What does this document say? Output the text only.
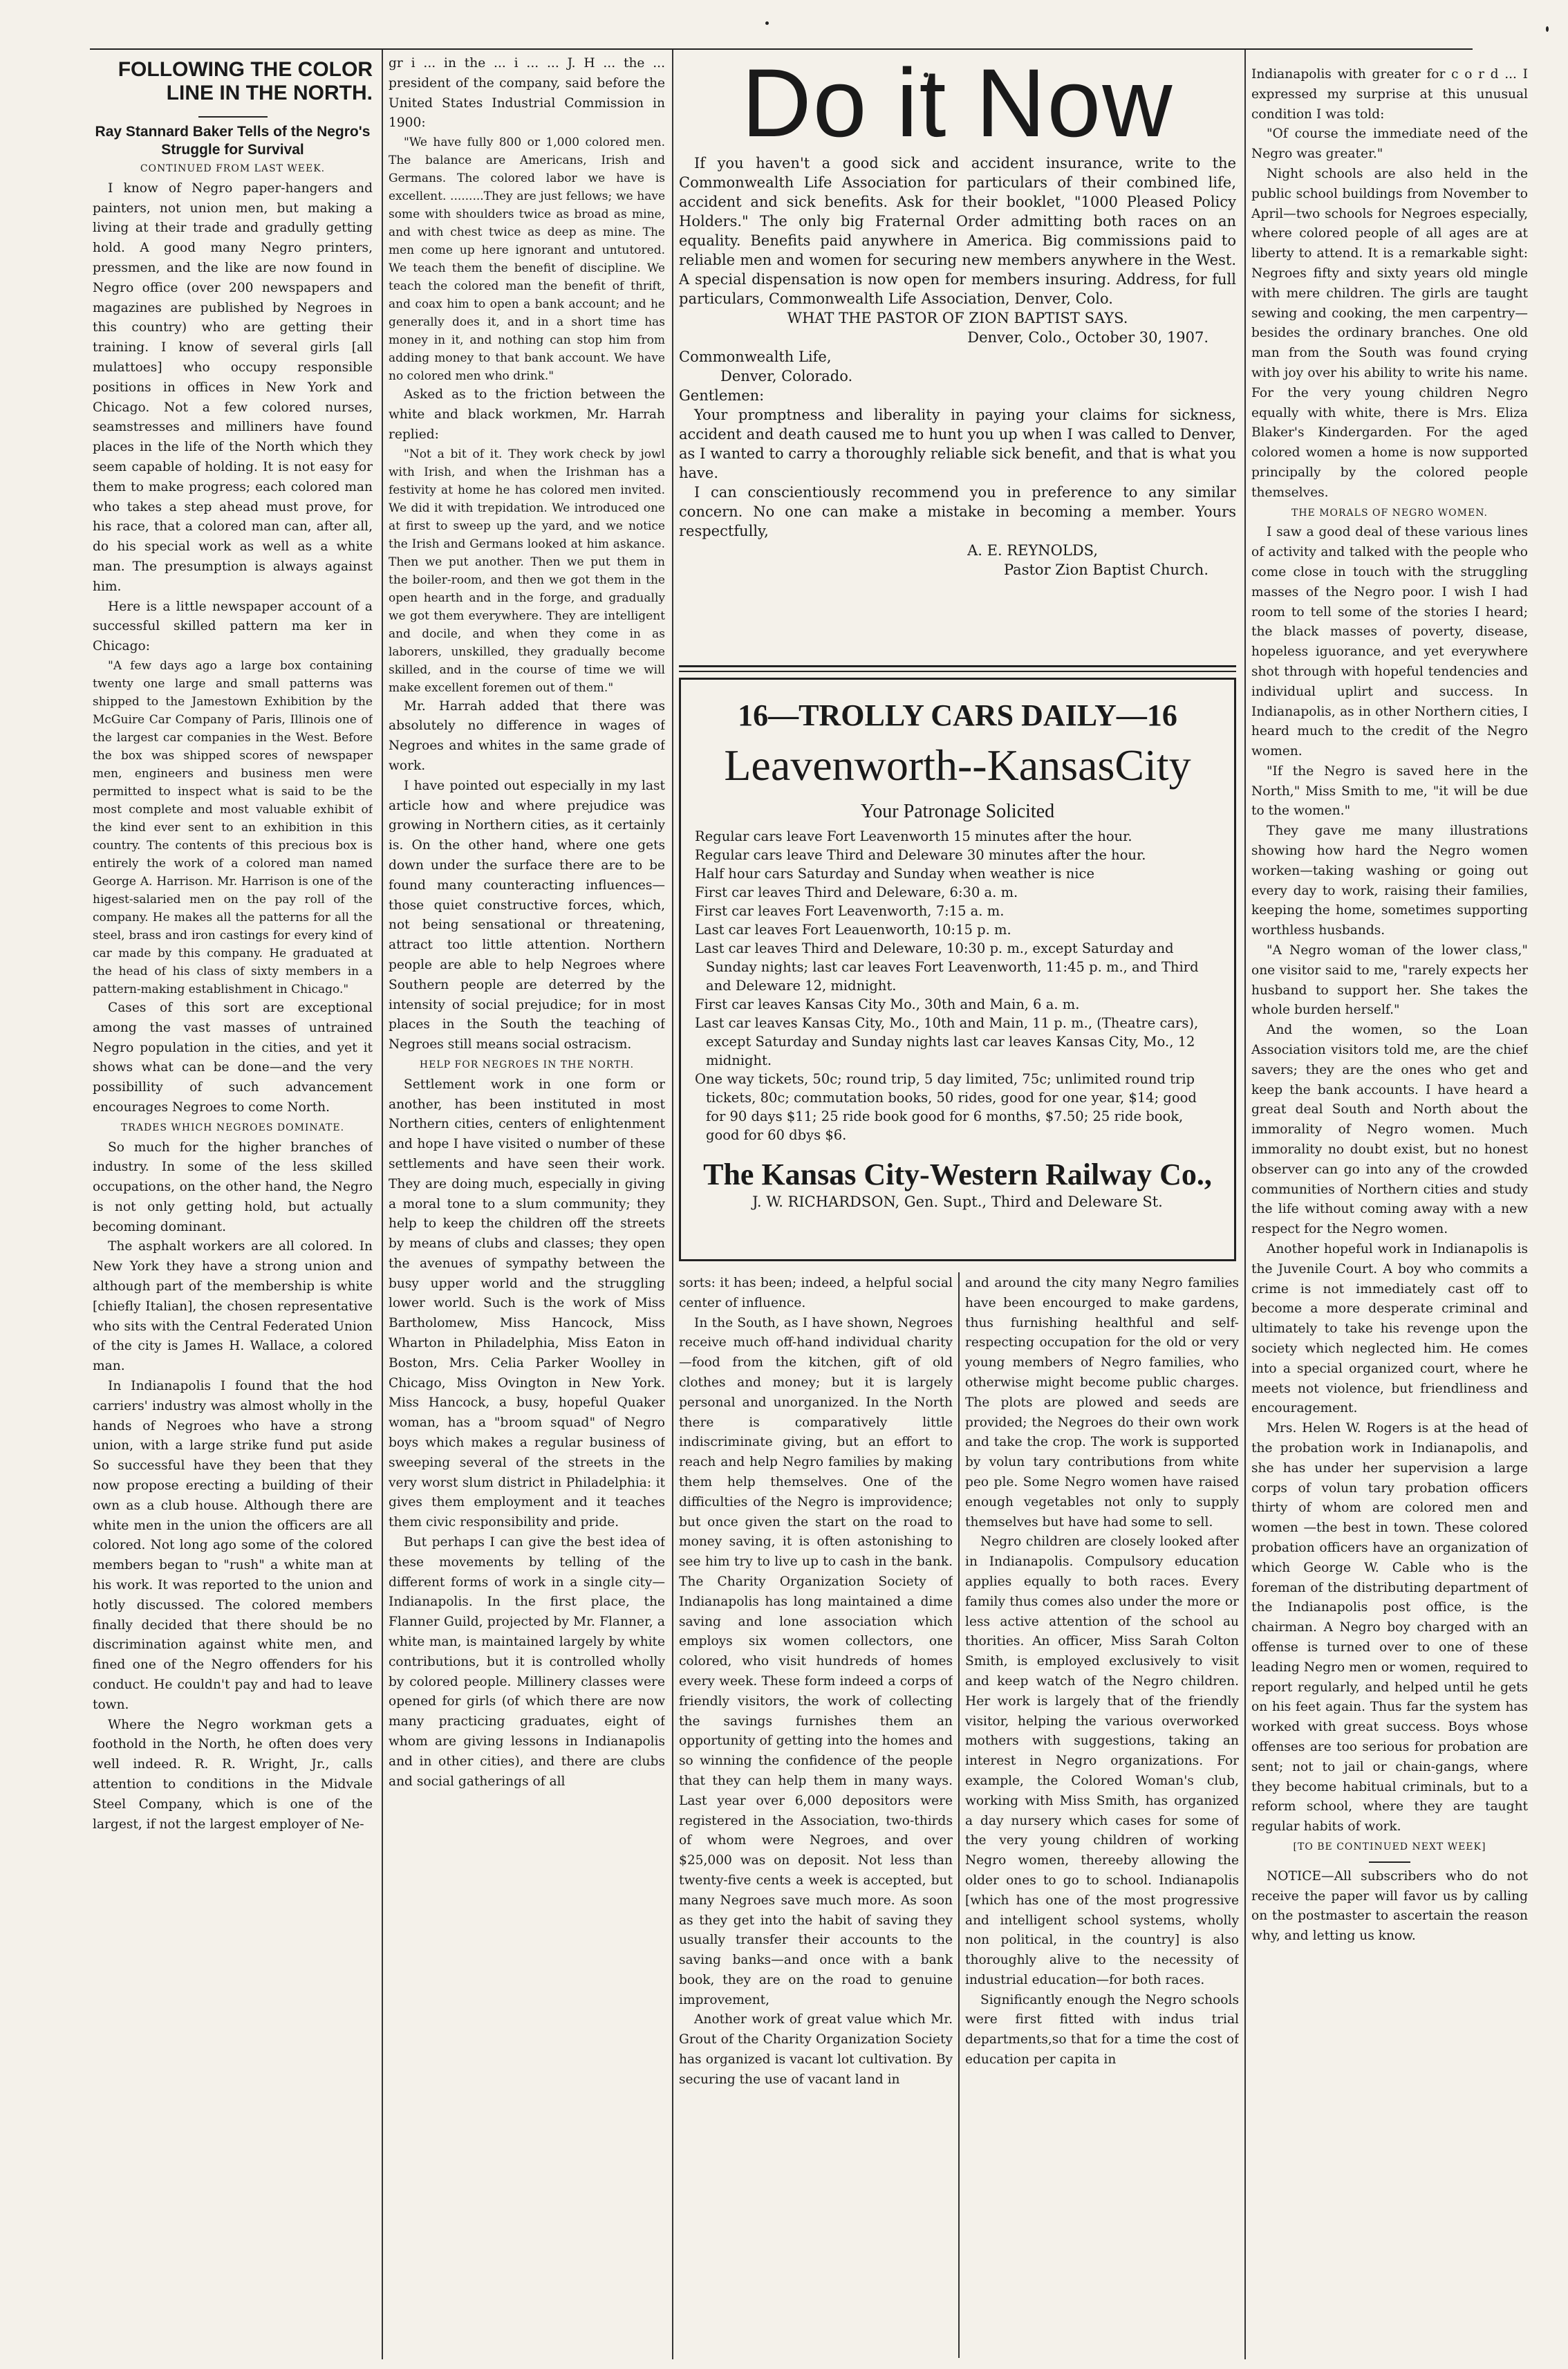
FOLLOWING THE COLOR

LINE IN THE NORTH.

Ray Stannard Baker Tells of the Negro's Struggle for Survival

CONTINUED FROM LAST WEEK.

I know of Negro paper-hangers and painters, not union men, but making a living at their trade and gradully getting hold. A good many Negro printers, pressmen, and the like are now found in Negro office (over 200 newspapers and magazines are published by Negroes in this country) who are getting their training. I know of several girls [all mulattoes] who occupy responsible positions in offices in New York and Chicago. Not a few colored nurses, seamstresses and milliners have found places in the life of the North which they seem capable of holding. It is not easy for them to make progress; each colored man who takes a step ahead must prove, for his race, that a colored man can, after all, do his special work as well as a white man. The presumption is always against him.

Here is a little newspaper account of a successful skilled pattern ma ker in Chicago:

"A few days ago a large box containing twenty one large and small patterns was shipped to the Jamestown Exhibition by the McGuire Car Company of Paris, Illinois one of the largest car companies in the West. Before the box was shipped scores of newspaper men, engineers and business men were permitted to inspect what is said to be the most complete and most valuable exhibit of the kind ever sent to an exhibition in this country. The contents of this precious box is entirely the work of a colored man named George A. Harrison. Mr. Harrison is one of the higest-salaried men on the pay roll of the company. He makes all the patterns for all the steel, brass and iron castings for every kind of car made by this company. He graduated at the head of his class of sixty members in a pattern-making establishment in Chicago."

Cases of this sort are exceptional among the vast masses of untrained Negro population in the cities, and yet it shows what can be done—and the very possibillity of such advancement encourages Negroes to come North.

TRADES WHICH NEGROES DOMINATE.

So much for the higher branches of industry. In some of the less skilled occupations, on the other hand, the Negro is not only getting hold, but actually becoming dominant.

The asphalt workers are all colored. In New York they have a strong union and although part of the membership is white [chiefly Italian], the chosen representative who sits with the Central Federated Union of the city is James H. Wallace, a colored man.

In Indianapolis I found that the hod carriers' industry was almost wholly in the hands of Negroes who have a strong union, with a large strike fund put aside So successful have they been that they now propose erecting a building of their own as a club house. Although there are white men in the union the officers are all colored. Not long ago some of the colored members began to "rush" a white man at his work. It was reported to the union and hotly discussed. The colored members finally decided that there should be no discrimination against white men, and fined one of the Negro offenders for his conduct. He couldn't pay and had to leave town.

Where the Negro workman gets a foothold in the North, he often does very well indeed. R. R. Wright, Jr., calls attention to conditions in the Midvale Steel Company, which is one of the largest, if not the largest employer of Ne-

gr i ... in the ... i ... ... J. H ... the ... president of the company, said before the United States Industrial Commission in 1900:

"We have fully 800 or 1,000 colored men. The balance are Americans, Irish and Germans. The colored labor we have is excellent. .........They are just fellows; we have some with shoulders twice as broad as mine, and with chest twice as deep as mine. The men come up here ignorant and untutored. We teach them the benefit of discipline. We teach the colored man the benefit of thrift, and coax him to open a bank account; and he generally does it, and in a short time has money in it, and nothing can stop him from adding money to that bank account. We have no colored men who drink."

Asked as to the friction between the white and black workmen, Mr. Harrah replied:

"Not a bit of it. They work check by jowl with Irish, and when the Irishman has a festivity at home he has colored men invited. We did it with trepidation. We introduced one at first to sweep up the yard, and we notice the Irish and Germans looked at him askance. Then we put another. Then we put them in the boiler-room, and then we got them in the open hearth and in the forge, and gradually we got them everywhere. They are intelligent and docile, and when they come in as laborers, unskilled, they gradually become skilled, and in the course of time we will make excellent foremen out of them."

Mr. Harrah added that there was absolutely no difference in wages of Negroes and whites in the same grade of work.

I have pointed out especially in my last article how and where prejudice was growing in Northern cities, as it certainly is. On the other hand, where one gets down under the surface there are to be found many counteracting influences—those quiet constructive forces, which, not being sensational or threatening, attract too little attention. Northern people are able to help Negroes where Southern people are deterred by the intensity of social prejudice; for in most places in the South the teaching of Negroes still means social ostracism.

HELP FOR NEGROES IN THE NORTH.

Settlement work in one form or another, has been instituted in most Northern cities, centers of enlightenment and hope I have visited o number of these settlements and have seen their work. They are doing much, especially in giving a moral tone to a slum community; they help to keep the children off the streets by means of clubs and classes; they open the avenues of sympathy between the busy upper world and the struggling lower world. Such is the work of Miss Bartholomew, Miss Hancock, Miss Wharton in Philadelphia, Miss Eaton in Boston, Mrs. Celia Parker Woolley in Chicago, Miss Ovington in New York. Miss Hancock, a busy, hopeful Quaker woman, has a "broom squad" of Negro boys which makes a regular business of sweeping several of the streets in the very worst slum district in Philadelphia: it gives them employment and it teaches them civic responsibility and pride.

But perhaps I can give the best idea of these movements by telling of the different forms of work in a single city—Indianapolis. In the first place, the Flanner Guild, projected by Mr. Flanner, a white man, is maintained largely by white contributions, but it is controlled wholly by colored people. Millinery classes were opened for girls (of which there are now many practicing graduates, eight of whom are giving lessons in Indianapolis and in other cities), and there are clubs and social gatherings of all

Do it Now

If you haven't a good sick and accident insurance, write to the Commonwealth Life Association for particulars of their combined life, accident and sick benefits. Ask for their booklet, "1000 Pleased Policy Holders." The only big Fraternal Order admitting both races on an equality. Benefits paid anywhere in America. Big commissions paid to reliable men and women for securing new members anywhere in the West. A special dispensation is now open for members insuring. Address, for full particulars, Commonwealth Life Association, Denver, Colo.

WHAT THE PASTOR OF ZION BAPTIST SAYS.

Denver, Colo., October 30, 1907.

Commonwealth Life,

Denver, Colorado.

Gentlemen:

Your promptness and liberality in paying your claims for sickness, accident and death caused me to hunt you up when I was called to Denver, as I wanted to carry a thoroughly reliable sick benefit, and that is what you have.

I can conscientiously recommend you in preference to any similar concern. No one can make a mistake in becoming a member. Yours respectfully,

A. E. REYNOLDS,

Pastor Zion Baptist Church.

16—TROLLY CARS DAILY—16

Leavenworth--KansasCity

Your Patronage Solicited

Regular cars leave Fort Leavenworth 15 minutes after the hour.

Regular cars leave Third and Deleware 30 minutes after the hour.

Half hour cars Saturday and Sunday when weather is nice

First car leaves Third and Deleware, 6:30 a. m.

First car leaves Fort Leavenworth, 7:15 a. m.

Last car leaves Fort Leauenworth, 10:15 p. m.

Last car leaves Third and Deleware, 10:30 p. m., except Saturday and Sunday nights; last car leaves Fort Leavenworth, 11:45 p. m., and Third and Deleware 12, midnight.

First car leaves Kansas City Mo., 30th and Main, 6 a. m.

Last car leaves Kansas City, Mo., 10th and Main, 11 p. m., (Theatre cars), except Saturday and Sunday nights last car leaves Kansas City, Mo., 12 midnight.

One way tickets, 50c; round trip, 5 day limited, 75c; unlimited round trip tickets, 80c; commutation books, 50 rides, good for one year, $14; good for 90 days $11; 25 ride book good for 6 months, $7.50; 25 ride book, good for 60 dbys $6.

The Kansas City-Western Railway Co.,

J. W. RICHARDSON, Gen. Supt., Third and Deleware St.

sorts: it has been; indeed, a helpful social center of influence.

In the South, as I have shown, Negroes receive much off-hand individual charity—food from the kitchen, gift of old clothes and money; but it is largely personal and unorganized. In the North there is comparatively little indiscriminate giving, but an effort to reach and help Negro families by making them help themselves. One of the difficulties of the Negro is improvidence; but once given the start on the road to money saving, it is often astonishing to see him try to live up to cash in the bank. The Charity Organization Society of Indianapolis has long maintained a dime saving and lone association which employs six women collectors, one colored, who visit hundreds of homes every week. These form indeed a corps of friendly visitors, the work of collecting the savings furnishes them an opportunity of getting into the homes and so winning the confidence of the people that they can help them in many ways. Last year over 6,000 depositors were registered in the Association, two-thirds of whom were Negroes, and over $25,000 was on deposit. Not less than twenty-five cents a week is accepted, but many Negroes save much more. As soon as they get into the habit of saving they usually transfer their accounts to the saving banks—and once with a bank book, they are on the road to genuine improvement,

Another work of great value which Mr. Grout of the Charity Organization Society has organized is vacant lot cultivation. By securing the use of vacant land in

and around the city many Negro families have been encourged to make gardens, thus furnishing healthful and self-respecting occupation for the old or very young members of Negro families, who otherwise might become public charges. The plots are plowed and seeds are provided; the Negroes do their own work and take the crop. The work is supported by volun tary contributions from white peo ple. Some Negro women have raised enough vegetables not only to supply themselves but have had some to sell.

Negro children are closely looked after in Indianapolis. Compulsory education applies equally to both races. Every family thus comes also under the more or less active attention of the school au thorities. An officer, Miss Sarah Colton Smith, is employed exclusively to visit and keep watch of the Negro children. Her work is largely that of the friendly visitor, helping the various overworked mothers with suggestions, taking an interest in Negro organizations. For example, the Colored Woman's club, working with Miss Smith, has organized a day nursery which cases for some of the very young children of working Negro women, thereeby allowing the older ones to go to school. Indianapolis [which has one of the most progressive and intelligent school systems, wholly non political, in the country] is also thoroughly alive to the necessity of industrial education—for both races.

Significantly enough the Negro schools were first fitted with indus trial departments,so that for a time the cost of education per capita in

Indianapolis with greater for c o r d ... I expressed my surprise at this unusual condition I was told:

"Of course the immediate need of the Negro was greater."

Night schools are also held in the public school buildings from November to April—two schools for Negroes especially, where colored people of all ages are at liberty to attend. It is a remarkable sight: Negroes fifty and sixty years old mingle with mere children. The girls are taught sewing and cooking, the men carpentry—besides the ordinary branches. One old man from the South was found crying with joy over his ability to write his name. For the very young children Negro equally with white, there is Mrs. Eliza Blaker's Kindergarden. For the aged colored women a home is now supported principally by the colored people themselves.

THE MORALS OF NEGRO WOMEN.

I saw a good deal of these various lines of activity and talked with the people who come close in touch with the struggling masses of the Negro poor. I wish I had room to tell some of the stories I heard; the black masses of poverty, disease, hopeless iguorance, and yet everywhere shot through with hopeful tendencies and individual uplirt and success. In Indianapolis, as in other Northern cities, I heard much to the credit of the Negro women.

"If the Negro is saved here in the North," Miss Smith to me, "it will be due to the women."

They gave me many illustrations showing how hard the Negro women worken—taking washing or going out every day to work, raising their families, keeping the home, sometimes supporting worthless husbands.

"A Negro woman of the lower class," one visitor said to me, "rarely expects her husband to support her. She takes the whole burden herself."

And the women, so the Loan Association visitors told me, are the chief savers; they are the ones who get and keep the bank accounts. I have heard a great deal South and North about the immorality of Negro women. Much immorality no doubt exist, but no honest observer can go into any of the crowded communities of Northern cities and study the life without coming away with a new respect for the Negro women.

Another hopeful work in Indianapolis is the Juvenile Court. A boy who commits a crime is not immediately cast off to become a more desperate criminal and ultimately to take his revenge upon the society which neglected him. He comes into a special organized court, where he meets not violence, but friendliness and encouragement.

Mrs. Helen W. Rogers is at the head of the probation work in Indianapolis, and she has under her supervision a large corps of volun tary probation officers thirty of whom are colored men and women —the best in town. These colored probation officers have an organization of which George W. Cable who is the foreman of the distributing department of the Indianapolis post office, is the chairman. A Negro boy charged with an offense is turned over to one of these leading Negro men or women, required to report regularly, and helped until he gets on his feet again. Thus far the system has worked with great success. Boys whose offenses are too serious for probation are sent; not to jail or chain-gangs, where they become habitual criminals, but to a reform school, where they are taught regular habits of work.

[TO BE CONTINUED NEXT WEEK]

NOTICE—All subscribers who do not receive the paper will favor us by calling on the postmaster to ascertain the reason why, and letting us know.
